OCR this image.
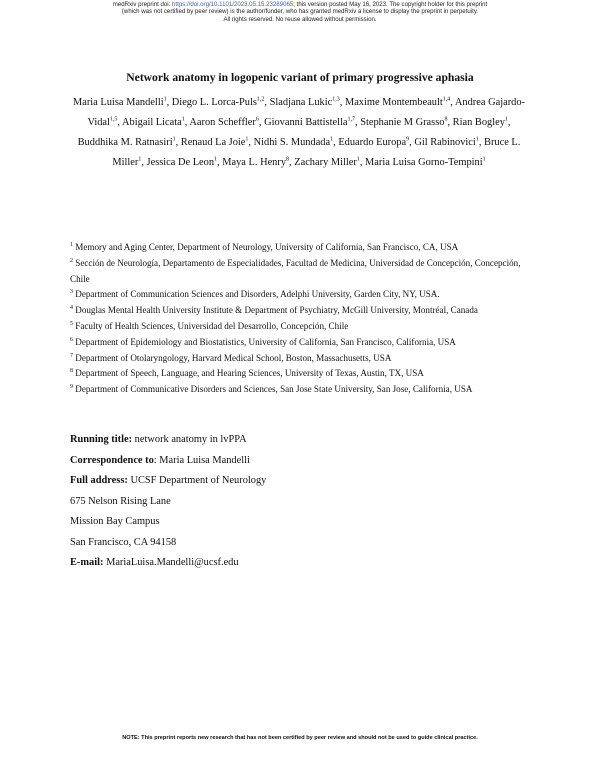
medRxiv preprint doi: https://doi.org/10.1101/2023.05.15.23289065; this version posted May 16, 2023. The copyright holder for this preprint
(which was not certified by peer review) is the author/funder, who has granted medRxiv a license to display the preprint in perpetuity.
All rights reserved. No reuse allowed without permission.
Network anatomy in logopenic variant of primary progressive aphasia
Maria Luisa Mandelli$^1$, Diego L. Lorca-Puls$^{1,2}$, Sladjana Lukic$^{1,3}$, Maxime Montembeault$^{1,4}$, Andrea Gajardo-Vidal$^{1,5}$, Abigail Licata$^1$, Aaron Scheffler$^6$, Giovanni Battistella$^{1,7}$, Stephanie M Grasso$^8$, Rian Bogley$^1$, Buddhika M. Ratnasiri$^1$, Renaud La Joie$^1$, Nidhi S. Mundada$^1$, Eduardo Europa$^9$, Gil Rabinovici$^1$, Bruce L. Miller$^1$, Jessica De Leon$^1$, Maya L. Henry$^8$, Zachary Miller$^1$, Maria Luisa Gorno-Tempini$^1$
$^1$ Memory and Aging Center, Department of Neurology, University of California, San Francisco, CA, USA
$^2$ Sección de Neurología, Departamento de Especialidades, Facultad de Medicina, Universidad de Concepción, Concepción, Chile
$^3$ Department of Communication Sciences and Disorders, Adelphi University, Garden City, NY, USA.
$^4$ Douglas Mental Health University Institute & Department of Psychiatry, McGill University, Montréal, Canada
$^5$ Faculty of Health Sciences, Universidad del Desarrollo, Concepción, Chile
$^6$ Department of Epidemiology and Biostatistics, University of California, San Francisco, California, USA
$^7$ Department of Otolaryngology, Harvard Medical School, Boston, Massachusetts, USA
$^8$ Department of Speech, Language, and Hearing Sciences, University of Texas, Austin, TX, USA
$^9$ Department of Communicative Disorders and Sciences, San Jose State University, San Jose, California, USA
Running title: network anatomy in lvPPA
Correspondence to: Maria Luisa Mandelli
Full address: UCSF Department of Neurology
675 Nelson Rising Lane
Mission Bay Campus
San Francisco, CA 94158
E-mail: MariaLuisa.Mandelli@ucsf.edu
NOTE: This preprint reports new research that has not been certified by peer review and should not be used to guide clinical practice.
